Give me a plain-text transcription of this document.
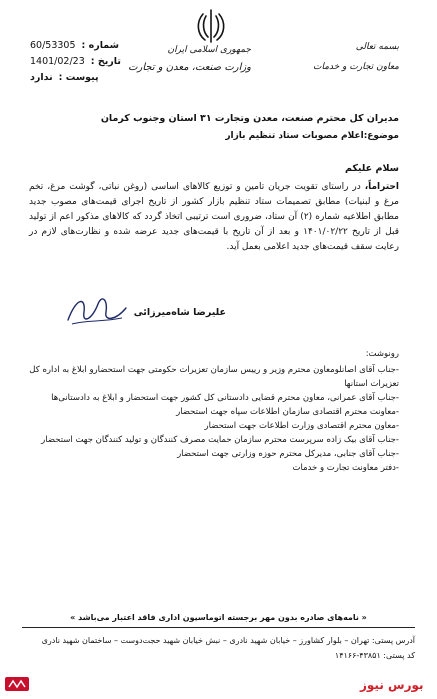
جمهوری اسلامی ایران
وزارت صنعت، معدن و تجارت
بسمه تعالی
معاون تجارت و خدمات
شماره :
60/53305
تاریخ :
1401/02/23
پیوست :
ندارد
مدیران کل محترم صنعت، معدن وتجارت ۳۱ استان وجنوب کرمان
موضوع:اعلام مصوبات ستاد تنظیم بازار
سلام علیکم
احتراماً، در راستای تقویت جریان تامین و توزیع کالاهای اساسی (روغن نباتی، گوشت مرغ، تخم مرغ و لبنیات) مطابق تصمیمات ستاد تنظیم بازار کشور از تاریخ اجرای قیمت‌های مصوب جدید مطابق اطلاعیه شماره (۲) آن ستاد، ضروری است ترتیبی اتخاذ گردد که کالاهای مذکور اعم از تولید قبل از تاریخ ۱۴۰۱/۰۲/۲۲ و بعد از آن تاریخ با قیمت‌های جدید عرضه شده و نظارت‌های لازم در رعایت سقف قیمت‌های جدید اعلامی بعمل آید.
علیرضا شاه‌میرزائی
رونوشت:
-جناب آقای اصانلومعاون محترم وزیر و رییس سازمان تعزیرات حکومتی جهت استحضارو ابلاغ به اداره کل تعزیرات استانها
-جناب آقای عمرانی، معاون محترم قضایی دادستانی کل کشور جهت استحضار و ابلاغ به دادستانی‌ها
-معاونت محترم اقتصادی سازمان اطلاعات سپاه جهت استحضار
-معاون محترم اقتصادی وزارت اطلاعات جهت استحضار
-جناب آقای بیک زاده سرپرست محترم سازمان حمایت مصرف کنندگان و تولید کنندگان جهت استحضار
-جناب آقای جنابی، مدیرکل محترم حوزه وزارتی جهت استحضار
-دفتر معاونت تجارت و خدمات
« نامه‌های صادره بدون مهر برجسته اتوماسیون اداری فاقد اعتبار می‌باشد »
آدرس پستی: تهران – بلوار کشاورز – خیابان شهید نادری – نبش خیابان شهید حجت‌دوست – ساختمان شهید نادری
کد پستی: ۴۳۸۵۱-۱۴۱۶۶
بورس نیوز
